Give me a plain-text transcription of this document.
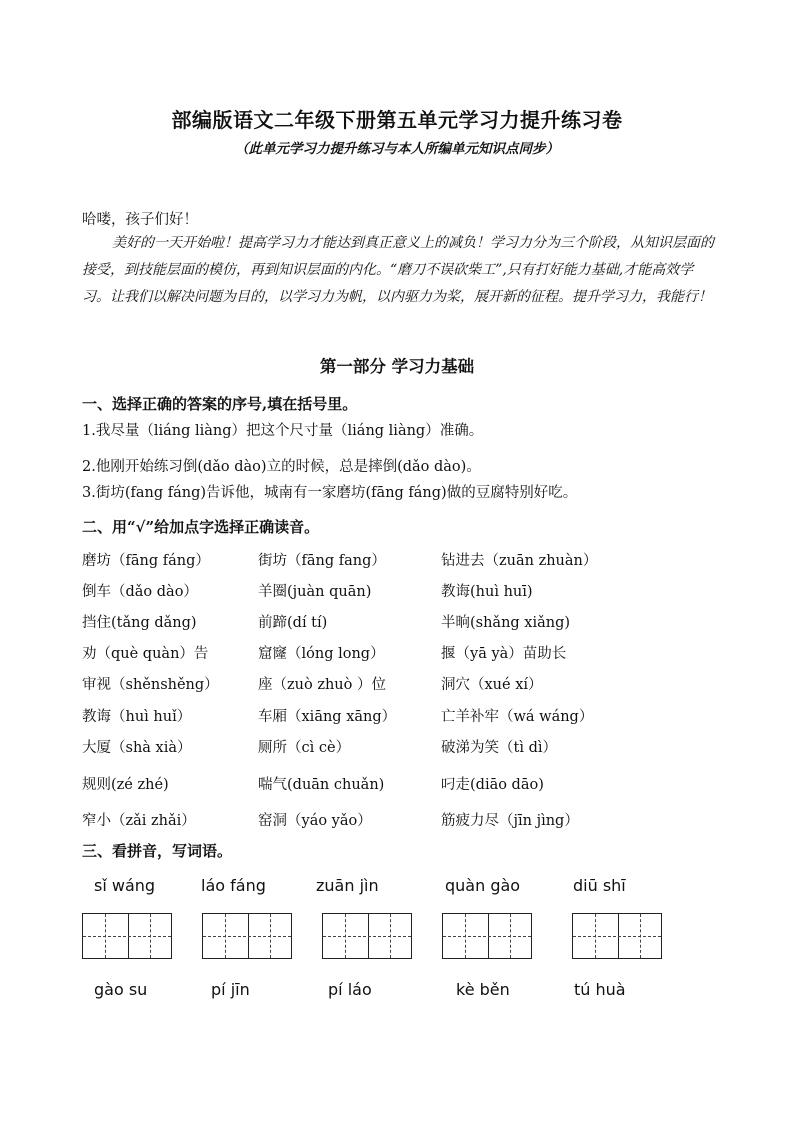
部编版语文二年级下册第五单元学习力提升练习卷
（此单元学习力提升练习与本人所编单元知识点同步）
哈喽，孩子们好！
美好的一天开始啦！提高学习力才能达到真正意义上的减负！学习力分为三个阶段，从知识层面的接受，到技能层面的模仿，再到知识层面的内化。“磨刀不误砍柴工”,只有打好能力基础,才能高效学习。让我们以解决问题为目的，以学习力为帆，以内驱力为桨，展开新的征程。提升学习力，我能行！
第一部分 学习力基础
一、选择正确的答案的序号,填在括号里。
1.我尽量（liáng liàng）把这个尺寸量（liáng liàng）准确。
2.他刚开始练习倒(dǎo dào)立的时候，总是摔倒(dǎo dào)。
3.街坊(fang fáng)告诉他，城南有一家磨坊(fāng fáng)做的豆腐特别好吃。
二、用“√”给加点字选择正确读音。
磨坊（fāng fáng）	街坊（fāng fang）	钻进去（zuān zhuàn）
倒车（dǎo dào）	羊圈(juàn quān)	教诲(huì huī)
挡住(tǎng dǎng)	前蹄(dí tí)	半晌(shǎng xiǎng)
劝（què quàn）告	窟窿（lóng long）	揠（yā yà）苗助长
审视（shěnshěng）	座（zuò zhuò ）位	洞穴（xué xí）
教诲（huì huǐ）	车厢（xiāng xāng）	亡羊补牢（wá wáng）
大厦（shà xià）	厕所（cì cè）	破涕为笑（tì dì）
规则(zé zhé)	喘气(duān chuǎn)	叼走(diāo dāo)
窄小（zǎi zhǎi）	窑洞（yáo yǎo）	筋疲力尽（jīn jìng）
三、看拼音，写词语。
sǐ wáng	láo fáng	zuān jìn	quàn gào	diū shī
gào su	pí jīn	pí láo	kè běn	tú huà
